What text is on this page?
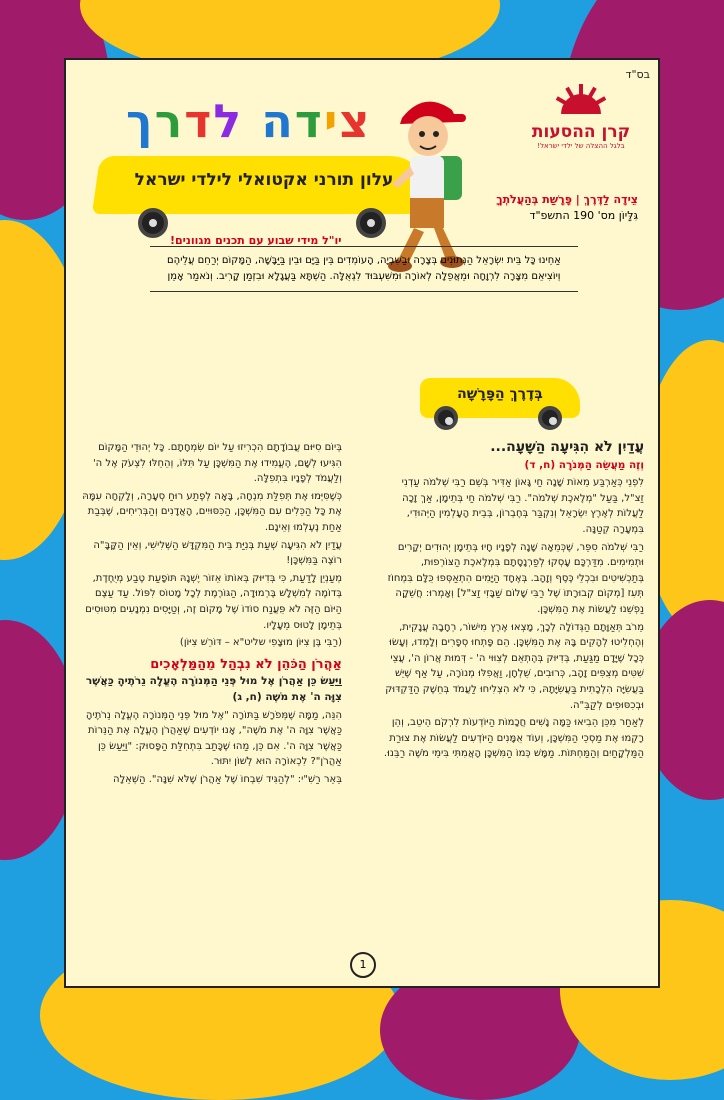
בס"ד
קרן ההסעות
בלגל ההצלה של ילדי ישראל!
צידה לדרך
עלון תורני אקטואלי לילדי ישראל
יו"ל מידי שבוע עם תכנים מגוונים!
צֵידָה לַדֶּרֶךְ | פָּרָשַׁת בְּהַעֲלֹתְךָ
גִּלָּיוֹן מס' 190 התשפ"ד
אַחֵינוּ כָּל בֵּית יִשְׂרָאֵל הַנְּתוּנִים בְּצָרָה וּבַשִּׁבְיָה, הָעוֹמְדִים בֵּין בַּיָּם וּבֵין בַּיַּבָּשָׁה, הַמָּקוֹם יְרַחֵם עֲלֵיהֶם וְיוֹצִיאֵם מִצָּרָה לִרְוָחָה וּמֵאֲפֵלָה לְאוֹרָה וּמִשִּׁעְבּוּד לִגְאֻלָּה. הַשְׁתָּא בַּעֲגָלָא וּבִזְמַן קָרִיב. וְנֹאמַר אָמֵן
בְּדֶרֶךְ הַפָּרָשָׁה
עֲדַיִן לֹא הִגִּיעָה הַשָּׁעָה...
וְזֶה מַעֲשֵׂה הַמְּנֹרָה (ח, ד)

לִפְנֵי כְּאַרְבַּע מֵאוֹת שָׁנָה חַי גָּאוֹן אַדִּיר בְּשֵׁם רַבִּי שְׁלֹמֹה עַדְנִי זַצ"ל, בַּעַל "מְלֶאכֶת שְׁלֹמֹה". רַבִּי שְׁלֹמֹה חַי בְּתֵימָן, אַךְ זָכָה לַעֲלוֹת לְאֶרֶץ יִשְׂרָאֵל וְנִקְבַּר בְּחֶבְרוֹן, בְּבֵית הָעָלְמִין הַיְּהוּדִי, בִּמְעָרָה קְטַנָּה.

רַבִּי שְׁלֹמֹה סִפֵּר, שֶׁכְּמֵאָה שָׁנָה לְפָנָיו חָיוּ בְּתֵימָן יְהוּדִים יְקָרִים וּתְמִימִים. מִדַּרְכָּם עָסְקוּ לְפַרְנָסָתָם בִּמְלֶאכֶת הַצּוֹרְפוּת, בְּתַכְשִׁיטִים וּבִכְלֵי כֶּסֶף וְזָהָב. בְּאֶחָד הַיָּמִים הִתְאַסְּפוּ כֻּלָּם בִּמְחוֹז תְּעִז [מְקוֹם קְבוּרָתוֹ שֶׁל רַבִּי שָׁלוֹם שַׁבָּזִי זַצ"ל] וְאָמְרוּ: חֲשֵׁקָה נַפְשֵׁנוּ לַעֲשׂוֹת אֶת הַמִּשְׁכָּן.

מֵרֹב תְּאַוָּתָם הַגְּדוֹלָה לְכָךְ, מָצְאוּ אֶרֶץ מִישׁוֹר, רְחָבָה עֲנָקִית, וְהֶחְלִיטוּ לְהָקִים בָּהּ אֶת הַמִּשְׁכָּן. הֵם פָּתְחוּ סְפָרִים וְלָמְדוּ, וְעָשׂוּ כְּכָל שֶׁיָּדָם מַגַּעַת, בְּדִיּוּק בְּהֶתְאֵם לְצִוּוּי ה' - דְּמוּת אֲרוֹן ה', עֲצֵי שִׁטִּים מְצֻפִּים זָהָב, כְּרוּבִים, שֻׁלְחָן, וַאֲפִלּוּ מְנוֹרָה, עַל אַף שֶׁיֵּשׁ בַּעֲשִׂיָּה הִלְכָתִית בַּעֲשִׂיָּתָהּ, כִּי לֹא הִצְלִיחוּ לַעֲמֹד בְּחֵשֶׁק הַדַּקְדּוּק וּבְכִסּוּפִים לְקַבֵּ"ה.

לְאַחַר מִכֵּן הֵבִיאוּ כַּמָּה נָשִׁים חֲכָמוֹת הַיּוֹדְעוֹת לִרְקֹם הֵיטֵב, וְהֵן רָקְמוּ אֶת מַסְכֵי הַמִּשְׁכָּן, וְעוֹד אֻמָּנִים הַיּוֹדְעִים לַעֲשׂוֹת אֶת צוּרַת הַמַּלְקָחַיִם וְהַמַּחְתּוֹת. מַמָּשׁ כְּמוֹ הַמִּשְׁכָּן הָאֲמִתִּי בִּימֵי מֹשֶׁה רַבֵּנוּ.

בְּיוֹם סִיּוּם עֲבוֹדָתָם הִכְרִיזוּ עַל יוֹם שִׂמְחָתָם. כָּל יְהוּדֵי הַמָּקוֹם הִגִּיעוּ לְשָׁם, הֶעֱמִידוּ אֶת הַמִּשְׁכָּן עַל תִּלּוֹ, וְהֵחֵלּוּ לִצְעֹק אֶל ה' וְלַעֲמֹד לְפָנָיו בִּתְפִלָּה.

כְּשֶׁסִּיְּמוּ אֶת תְּפִלַּת מִנְחָה, בָּאָה לְפֶתַע רוּחַ סְעָרָה, וְלָקְחָה עִמָּהּ אֶת כָּל הַכֵּלִים עִם הַמִּשְׁכָּן, הַכִּסּוּיִים, הָאֲדָנִים וְהַבְּרִיחִים, שֶׁבְּבַת אַחַת נֶעֶלְמוּ וְאֵינָם.

עֲדַיִן לֹא הִגִּיעָה שְׁעַת בְּנִיַּת בֵּית הַמִּקְדָּשׁ הַשְּׁלִישִׁי, וְאֵין הַקָּבָּ"ה רוֹצֶה בַּמִּשְׁכָּן!

מְעַנְיֵן לָדַעַת, כִּי בְּדִיּוּק בְּאוֹתוֹ אֵזוֹר יֶשְׁנָהּ תּוֹפָעַת טֶבַע מְיֻחֶדֶת, בְּדוֹמֶה לְמִשְׁלָשׁ בֶּרְמוּדָה, הַגּוֹרֶמֶת לְכָל מָטוֹס לִפּוֹל. עַד עַצֶם הַיּוֹם הַזֶּה לֹא פֻּעֲנַח סוֹדוֹ שֶׁל מָקוֹם זֶה, וְטַיָּסִים נִמְנָעִים מִטּוּסִים בְּתֵימָן לָטוּס מֵעָלָיו.

(רַבִּי בֶּן צִיּוֹן מוּצָפִי שליט"א – דּוֹרֵשׁ צִיּוֹן)

אַהֲרֹן הַכֹּהֵן לֹא נִבְהַל מֵהַמַּלְאָכִים
וַיַּעַשׂ כֵּן אַהֲרֹן אֶל מוּל פְּנֵי הַמְּנוֹרָה הֶעֱלָה נֵרֹתֶיהָ כַּאֲשֶׁר צִוָּה ה' אֶת מֹשֶׁה (ח, ג)

הִנֵּה, מַמָּה שֶׁמְּפֹרָשׁ בַּתּוֹרָה "אֶל מוּל פְּנֵי הַמְּנוֹרָה הֶעֱלָה נֵרֹתֶיהָ כַּאֲשֶׁר צִוָּה ה' אֶת מֹשֶׁה", אָנוּ יוֹדְעִים שֶׁאַהֲרֹן הֶעֱלָה אֶת הַנֵּרוֹת כַּאֲשֶׁר צִוָּה ה'. אִם כֵּן, מַהוּ שֶׁכָּתַב בִּתְחִלַּת הַפָּסוּק: "וַיַּעַשׂ כֵּן אַהֲרֹן"? לִכְאוֹרָה הוּא לְשׁוֹן יִתּוּר.

בֵּאֵר רַשִׁ"י: "לְהַגִּיד שִׁבְחוֹ שֶׁל אַהֲרֹן שֶׁלֹּא שִׁנָּה". הַשְּׁאֵלָה

1
